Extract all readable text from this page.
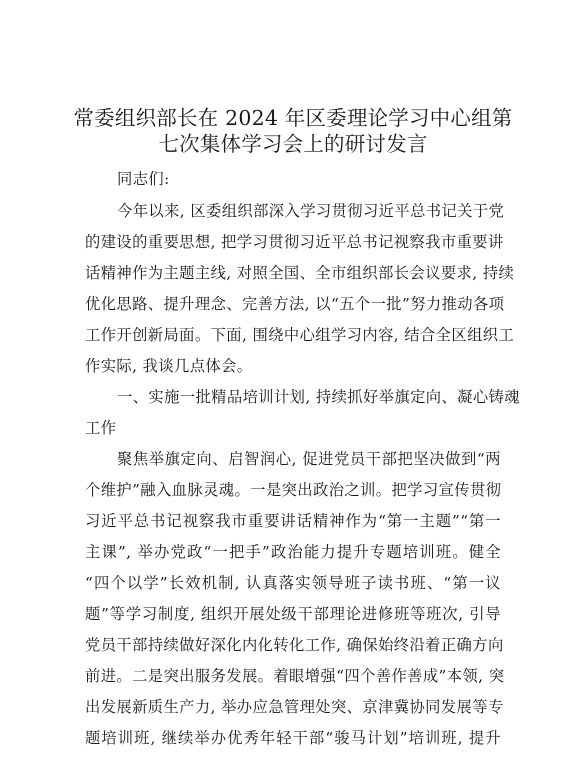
常委组织部长在 2024 年区委理论学习中心组第
七次集体学习会上的研讨发言
同志们:
今年以来, 区委组织部深入学习贯彻习近平总书记关于党
的建设的重要思想, 把学习贯彻习近平总书记视察我市重要讲
话精神作为主题主线, 对照全国、全市组织部长会议要求, 持续
优化思路、提升理念、完善方法, 以“五个一批”努力推动各项
工作开创新局面。下面, 围绕中心组学习内容, 结合全区组织工
作实际, 我谈几点体会。
一、实施一批精品培训计划, 持续抓好举旗定向、凝心铸魂
工作
聚焦举旗定向、启智润心, 促进党员干部把坚决做到“两
个维护”融入血脉灵魂。一是突出政治之训。把学习宣传贯彻
习近平总书记视察我市重要讲话精神作为“第一主题”“第一
主课”, 举办党政“一把手”政治能力提升专题培训班。健全
“四个以学”长效机制, 认真落实领导班子读书班、“第一议
题”等学习制度, 组织开展处级干部理论进修班等班次, 引导
党员干部持续做好深化内化转化工作, 确保始终沿着正确方向
前进。二是突出服务发展。着眼增强“四个善作善成”本领, 突
出发展新质生产力, 举办应急管理处突、京津冀协同发展等专
题培训班, 继续举办优秀年轻干部“骏马计划”培训班, 提升
